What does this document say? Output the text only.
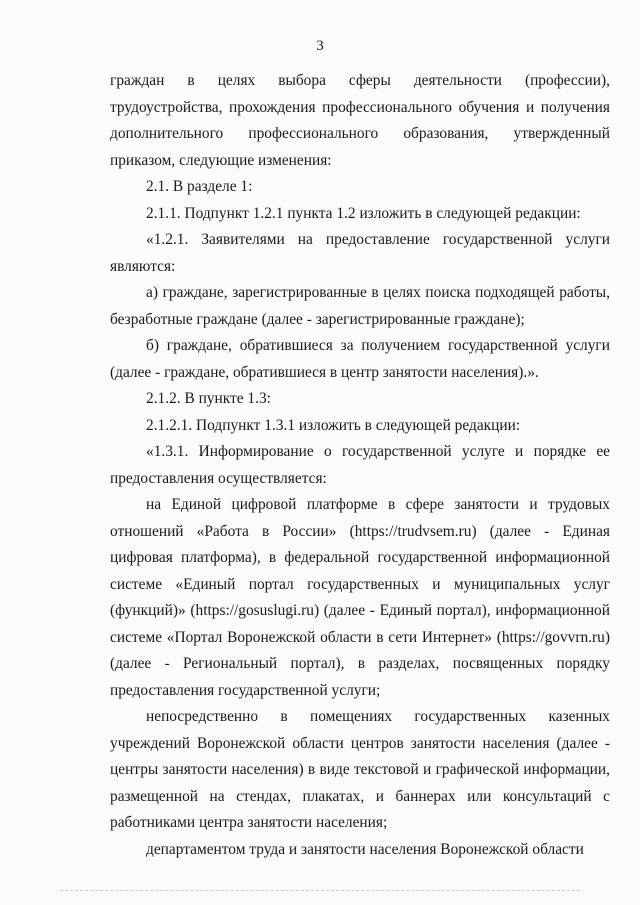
3

граждан в целях выбора сферы деятельности (профессии), трудоустройства, прохождения профессионального обучения и получения дополнительного профессионального образования, утвержденный приказом, следующие изменения:

2.1. В разделе 1:

2.1.1. Подпункт 1.2.1 пункта 1.2 изложить в следующей редакции:

«1.2.1. Заявителями на предоставление государственной услуги являются:

а) граждане, зарегистрированные в целях поиска подходящей работы, безработные граждане (далее - зарегистрированные граждане);

б) граждане, обратившиеся за получением государственной услуги (далее - граждане, обратившиеся в центр занятости населения).».

2.1.2. В пункте 1.3:

2.1.2.1. Подпункт 1.3.1 изложить в следующей редакции:

«1.3.1. Информирование о государственной услуге и порядке ее предоставления осуществляется:

на Единой цифровой платформе в сфере занятости и трудовых отношений «Работа в России» (https://trudvsem.ru) (далее - Единая цифровая платформа), в федеральной государственной информационной системе «Единый портал государственных и муниципальных услуг (функций)» (https://gosuslugi.ru) (далее - Единый портал), информационной системе «Портал Воронежской области в сети Интернет» (https://govvrn.ru) (далее - Региональный портал), в разделах, посвященных порядку предоставления государственной услуги;

непосредственно в помещениях государственных казенных учреждений Воронежской области центров занятости населения (далее - центры занятости населения) в виде текстовой и графической информации, размещенной на стендах, плакатах, и баннерах или консультаций с работниками центра занятости населения;

департаментом труда и занятости населения Воронежской области
